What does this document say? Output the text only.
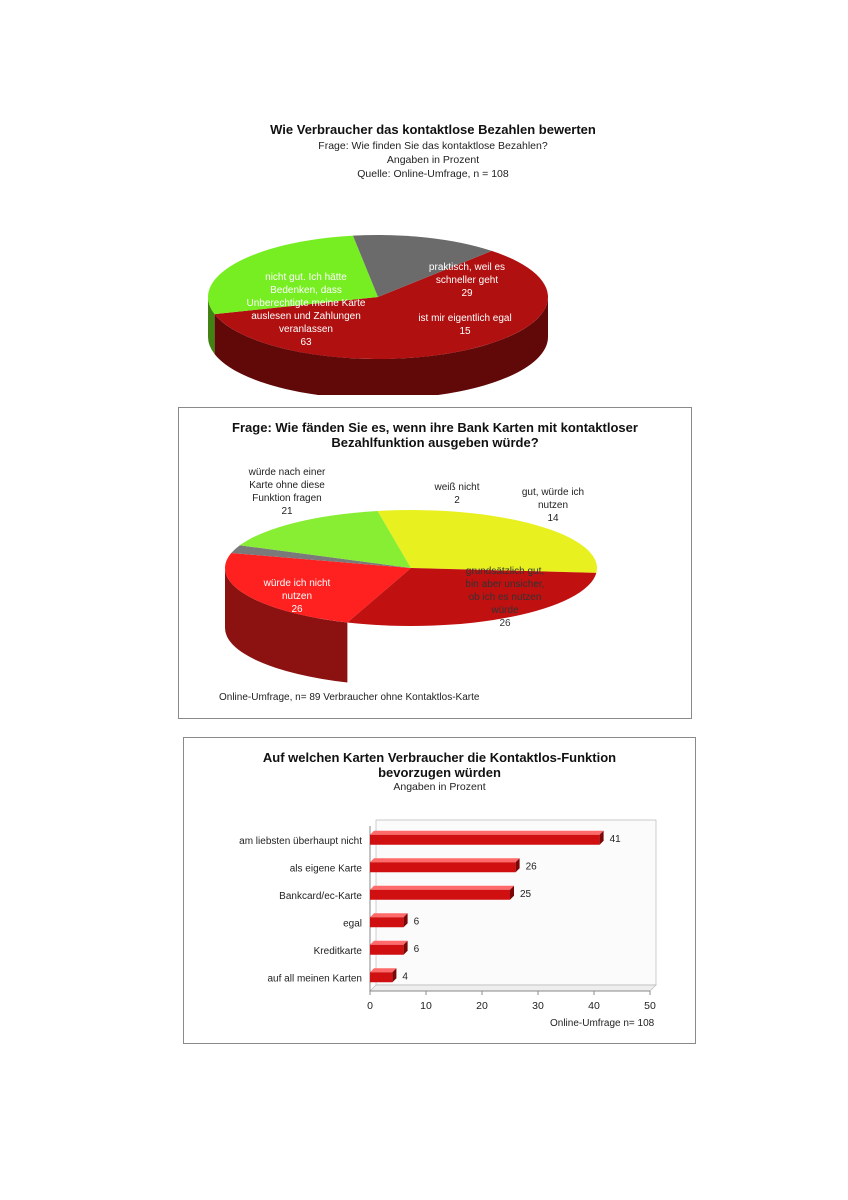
Wie Verbraucher das kontaktlose Bezahlen bewerten
Frage: Wie finden Sie das kontaktlose Bezahlen?
Angaben in Prozent
Quelle: Online-Umfrage, n = 108
nicht gut. Ich hätte Bedenken, dass Unberechtigte meine Karte auslesen und Zahlungen veranlassen 63
praktisch, weil es schneller geht 29
ist mir eigentlich egal 15
Frage: Wie fänden Sie es, wenn ihre Bank Karten mit kontaktloser
Bezahlfunktion ausgeben würde?
würde nach einer Karte ohne diese Funktion fragen 21
weiß nicht 2
gut, würde ich nutzen 14
grundsätzlich gut, bin aber unsicher, ob ich es nutzen würde 26
würde ich nicht nutzen 26
Online-Umfrage, n= 89 Verbraucher ohne Kontaktlos-Karte
Auf welchen Karten Verbraucher die Kontaktlos-Funktion
bevorzugen würden
Angaben in Prozent
0	10	20	30	40	50
am liebsten überhaupt nicht	41
als eigene Karte	26
Bankcard/ec-Karte	25
egal	6
Kreditkarte	6
auf all meinen Karten	4
Online-Umfrage n= 108
